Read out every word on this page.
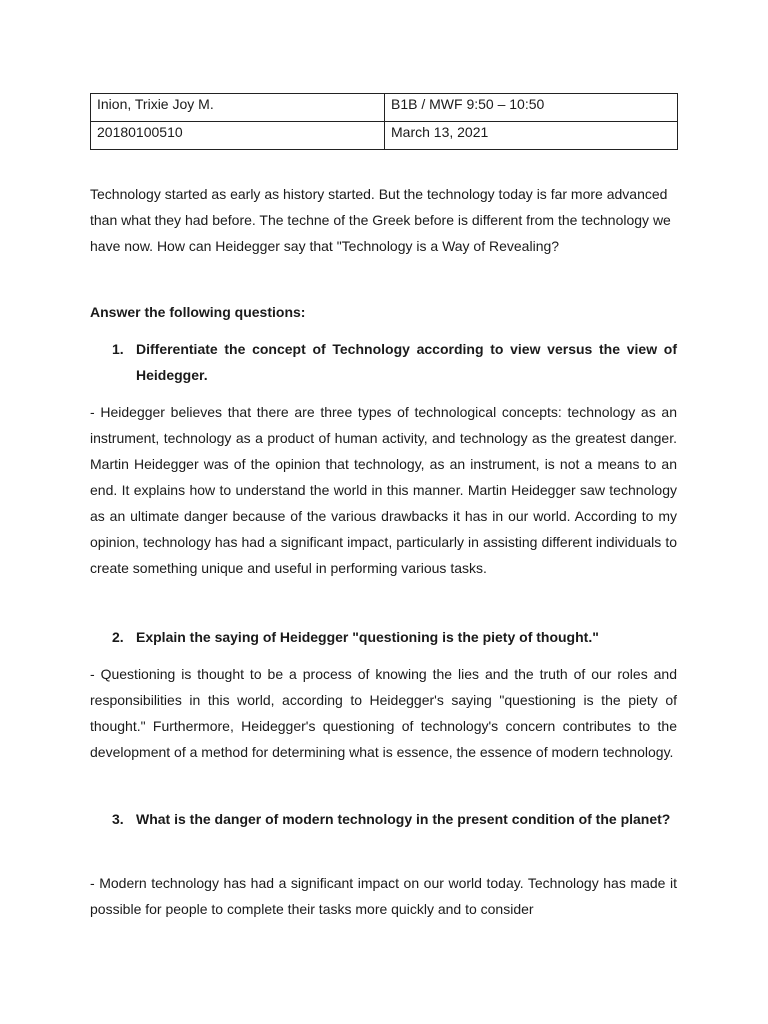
Inion, Trixie Joy M.	B1B / MWF 9:50 – 10:50
20180100510	March 13, 2021

Technology started as early as history started. But the technology today is far more advanced than what they had before. The techne of the Greek before is different from the technology we have now. How can Heidegger say that "Technology is a Way of Revealing?

Answer the following questions:

1. Differentiate the concept of Technology according to view versus the view of Heidegger.

- Heidegger believes that there are three types of technological concepts: technology as an instrument, technology as a product of human activity, and technology as the greatest danger. Martin Heidegger was of the opinion that technology, as an instrument, is not a means to an end. It explains how to understand the world in this manner. Martin Heidegger saw technology as an ultimate danger because of the various drawbacks it has in our world. According to my opinion, technology has had a significant impact, particularly in assisting different individuals to create something unique and useful in performing various tasks.

2. Explain the saying of Heidegger "questioning is the piety of thought."

- Questioning is thought to be a process of knowing the lies and the truth of our roles and responsibilities in this world, according to Heidegger's saying "questioning is the piety of thought." Furthermore, Heidegger's questioning of technology's concern contributes to the development of a method for determining what is essence, the essence of modern technology.

3. What is the danger of modern technology in the present condition of the planet?

- Modern technology has had a significant impact on our world today. Technology has made it possible for people to complete their tasks more quickly and to consider
